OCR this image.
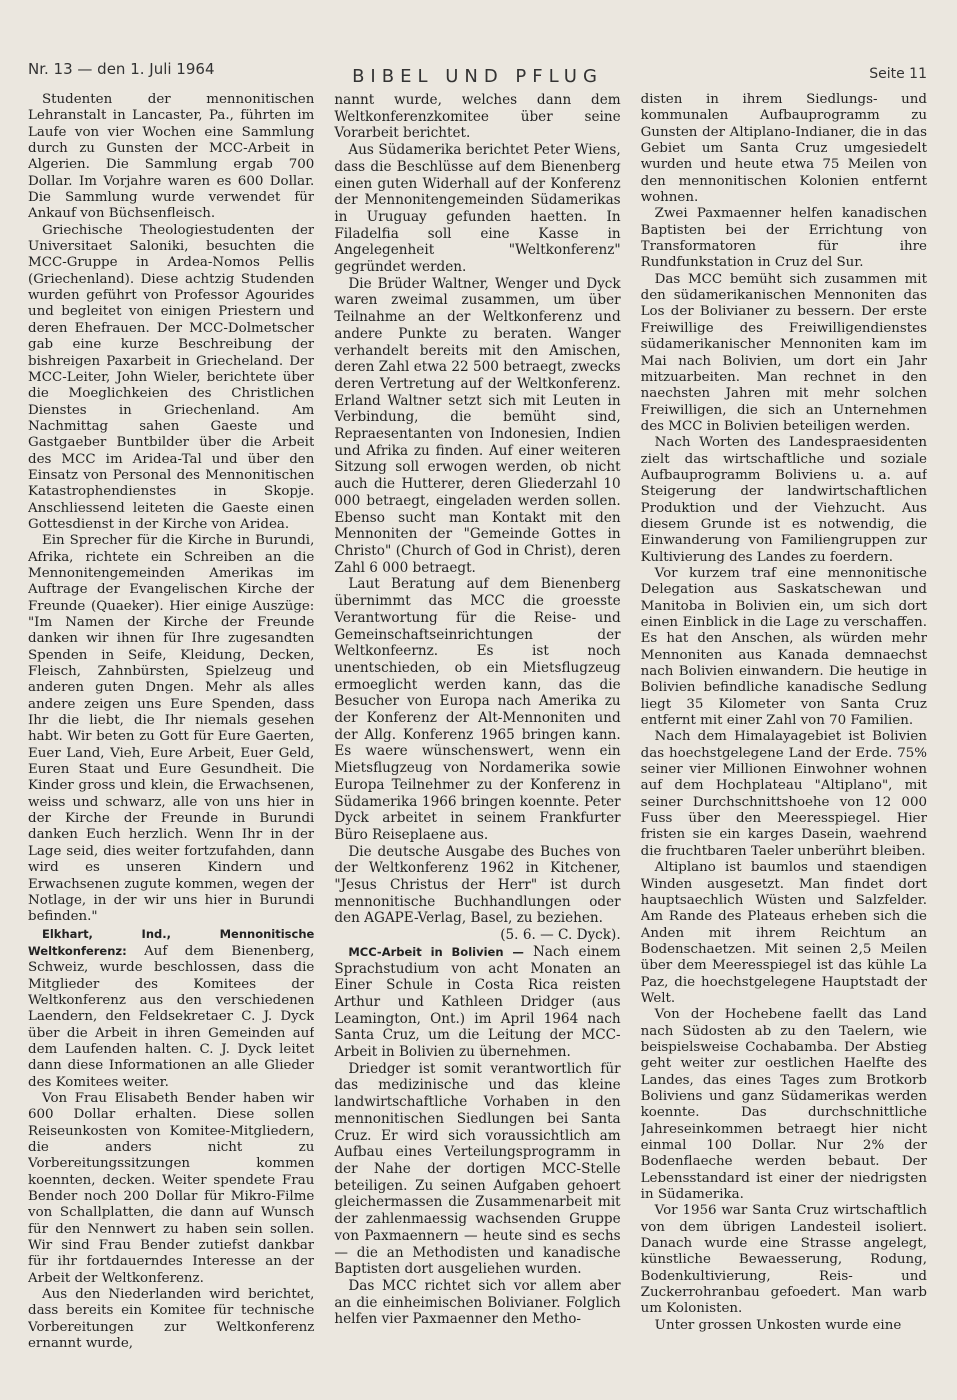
Nr. 13 — den 1. Juli 1964	BIBEL UND PFLUG	Seite 11

Studenten der mennonitischen Lehranstalt in Lancaster, Pa., führten im Laufe von vier Wochen eine Sammlung durch zu Gunsten der MCC-Arbeit in Algerien. Die Sammlung ergab 700 Dollar. Im Vorjahre waren es 600 Dollar. Die Sammlung wurde verwendet für Ankauf von Büchsenfleisch.

Griechische Theologiestudenten der Universitaet Saloniki, besuchten die MCC-Gruppe in Ardea-Nomos Pellis (Griechenland). Diese achtzig Studenden wurden geführt von Professor Agourides und begleitet von einigen Priestern und deren Ehefrauen. Der MCC-Dolmetscher gab eine kurze Beschreibung der bishreigen Paxarbeit in Griecheland. Der MCC-Leiter, John Wieler, berichtete über die Moeglichkeien des Christlichen Dienstes in Griechenland. Am Nachmittag sahen Gaeste und Gastgaeber Buntbilder über die Arbeit des MCC im Aridea-Tal und über den Einsatz von Personal des Mennonitischen Katastrophendienstes in Skopje. Anschliessend leiteten die Gaeste einen Gottesdienst in der Kirche von Aridea.

Ein Sprecher für die Kirche in Burundi, Afrika, richtete ein Schreiben an die Mennonitengemeinden Amerikas im Auftrage der Evangelischen Kirche der Freunde (Quaeker). Hier einige Auszüge: "Im Namen der Kirche der Freunde danken wir ihnen für Ihre zugesandten Spenden in Seife, Kleidung, Decken, Fleisch, Zahnbürsten, Spielzeug und anderen guten Dngen. Mehr als alles andere zeigen uns Eure Spenden, dass Ihr die liebt, die Ihr niemals gesehen habt. Wir beten zu Gott für Eure Gaerten, Euer Land, Vieh, Eure Arbeit, Euer Geld, Euren Staat und Eure Gesundheit. Die Kinder gross und klein, die Erwachsenen, weiss und schwarz, alle von uns hier in der Kirche der Freunde in Burundi danken Euch herzlich. Wenn Ihr in der Lage seid, dies weiter fortzufahden, dann wird es unseren Kindern und Erwachsenen zugute kommen, wegen der Notlage, in der wir uns hier in Burundi befinden."

Elkhart, Ind., Mennonitische Weltkonferenz: Auf dem Bienenberg, Schweiz, wurde beschlossen, dass die Mitglieder des Komitees der Weltkonferenz aus den verschiedenen Laendern, den Feldsekretaer C. J. Dyck über die Arbeit in ihren Gemeinden auf dem Laufenden halten. C. J. Dyck leitet dann diese Informationen an alle Glieder des Komitees weiter.

Von Frau Elisabeth Bender haben wir 600 Dollar erhalten. Diese sollen Reiseunkosten von Komitee-Mitgliedern, die anders nicht zu Vorbereitungssitzungen kommen koennten, decken. Weiter spendete Frau Bender noch 200 Dollar für Mikro-Filme von Schallplatten, die dann auf Wunsch für den Nennwert zu haben sein sollen. Wir sind Frau Bender zutiefst dankbar für ihr fortdauerndes Interesse an der Arbeit der Weltkonferenz.

Aus den Niederlanden wird berichtet, dass bereits ein Komitee für technische Vorbereitungen zur Weltkonferenz ernannt wurde,

nannt wurde, welches dann dem Weltkonferenzkomitee über seine Vorarbeit berichtet.

Aus Südamerika berichtet Peter Wiens, dass die Beschlüsse auf dem Bienenberg einen guten Widerhall auf der Konferenz der Mennonitengemeinden Südamerikas in Uruguay gefunden haetten. In Filadelfia soll eine Kasse in Angelegenheit "Weltkonferenz" gegründet werden.

Die Brüder Waltner, Wenger und Dyck waren zweimal zusammen, um über Teilnahme an der Weltkonferenz und andere Punkte zu beraten. Wanger verhandelt bereits mit den Amischen, deren Zahl etwa 22 500 betraegt, zwecks deren Vertretung auf der Weltkonferenz. Erland Waltner setzt sich mit Leuten in Verbindung, die bemüht sind, Repraesentanten von Indonesien, Indien und Afrika zu finden. Auf einer weiteren Sitzung soll erwogen werden, ob nicht auch die Hutterer, deren Gliederzahl 10 000 betraegt, eingeladen werden sollen. Ebenso sucht man Kontakt mit den Mennoniten der "Gemeinde Gottes in Christo" (Church of God in Christ), deren Zahl 6 000 betraegt.

Laut Beratung auf dem Bienenberg übernimmt das MCC die groesste Verantwortung für die Reise- und Gemeinschaftseinrichtungen der Weltkonfeernz. Es ist noch unentschieden, ob ein Mietsflugzeug ermoeglicht werden kann, das die Besucher von Europa nach Amerika zu der Konferenz der Alt-Mennoniten und der Allg. Konferenz 1965 bringen kann. Es waere wünschenswert, wenn ein Mietsflugzeug von Nordamerika sowie Europa Teilnehmer zu der Konferenz in Südamerika 1966 bringen koennte. Peter Dyck arbeitet in seinem Frankfurter Büro Reiseplaene aus.

Die deutsche Ausgabe des Buches von der Weltkonferenz 1962 in Kitchener, "Jesus Christus der Herr" ist durch mennonitische Buchhandlungen oder den AGAPE-Verlag, Basel, zu beziehen.

(5. 6. — C. Dyck).

MCC-Arbeit in Bolivien — Nach einem Sprachstudium von acht Monaten an Einer Schule in Costa Rica reisten Arthur und Kathleen Dridger (aus Leamington, Ont.) im April 1964 nach Santa Cruz, um die Leitung der MCC-Arbeit in Bolivien zu übernehmen.

Driedger ist somit verantwortlich für das medizinische und das kleine landwirtschaftliche Vorhaben in den mennonitischen Siedlungen bei Santa Cruz. Er wird sich voraussichtlich am Aufbau eines Verteilungsprogramm in der Nahe der dortigen MCC-Stelle beteiligen. Zu seinen Aufgaben gehoert gleichermassen die Zusammenarbeit mit der zahlenmaessig wachsenden Gruppe von Paxmaennern — heute sind es sechs — die an Methodisten und kanadische Baptisten dort ausgeliehen wurden.

Das MCC richtet sich vor allem aber an die einheimischen Bolivianer. Folglich helfen vier Paxmaenner den Metho-

disten in ihrem Siedlungs- und kommunalen Aufbauprogramm zu Gunsten der Altiplano-Indianer, die in das Gebiet um Santa Cruz umgesiedelt wurden und heute etwa 75 Meilen von den mennonitischen Kolonien entfernt wohnen.

Zwei Paxmaenner helfen kanadischen Baptisten bei der Errichtung von Transformatoren für ihre Rundfunkstation in Cruz del Sur.

Das MCC bemüht sich zusammen mit den südamerikanischen Mennoniten das Los der Bolivianer zu bessern. Der erste Freiwillige des Freiwilligendienstes südamerikanischer Mennoniten kam im Mai nach Bolivien, um dort ein Jahr mitzuarbeiten. Man rechnet in den naechsten Jahren mit mehr solchen Freiwilligen, die sich an Unternehmen des MCC in Bolivien beteiligen werden.

Nach Worten des Landespraesidenten zielt das wirtschaftliche und soziale Aufbauprogramm Boliviens u. a. auf Steigerung der landwirtschaftlichen Produktion und der Viehzucht. Aus diesem Grunde ist es notwendig, die Einwanderung von Familiengruppen zur Kultivierung des Landes zu foerdern.

Vor kurzem traf eine mennonitische Delegation aus Saskatschewan und Manitoba in Bolivien ein, um sich dort einen Einblick in die Lage zu verschaffen. Es hat den Anschen, als würden mehr Mennoniten aus Kanada demnaechst nach Bolivien einwandern. Die heutige in Bolivien befindliche kanadische Sedlung liegt 35 Kilometer von Santa Cruz entfernt mit einer Zahl von 70 Familien.

Nach dem Himalayagebiet ist Bolivien das hoechstgelegene Land der Erde. 75% seiner vier Millionen Einwohner wohnen auf dem Hochplateau "Altiplano", mit seiner Durchschnittshoehe von 12 000 Fuss über den Meeresspiegel. Hier fristen sie ein karges Dasein, waehrend die fruchtbaren Taeler unberührt bleiben.

Altiplano ist baumlos und staendigen Winden ausgesetzt. Man findet dort hauptsaechlich Wüsten und Salzfelder. Am Rande des Plateaus erheben sich die Anden mit ihrem Reichtum an Bodenschaetzen. Mit seinen 2,5 Meilen über dem Meeresspiegel ist das kühle La Paz, die hoechstgelegene Hauptstadt der Welt.

Von der Hochebene faellt das Land nach Südosten ab zu den Taelern, wie beispielsweise Cochabamba. Der Abstieg geht weiter zur oestlichen Haelfte des Landes, das eines Tages zum Brotkorb Boliviens und ganz Südamerikas werden koennte. Das durchschnittliche Jahreseinkommen betraegt hier nicht einmal 100 Dollar. Nur 2% der Bodenflaeche werden bebaut. Der Lebensstandard ist einer der niedrigsten in Südamerika.

Vor 1956 war Santa Cruz wirtschaftlich von dem übrigen Landesteil isoliert. Danach wurde eine Strasse angelegt, künstliche Bewaesserung, Rodung, Bodenkultivierung, Reis- und Zuckerrohranbau gefoedert. Man warb um Kolonisten.

Unter grossen Unkosten wurde eine
